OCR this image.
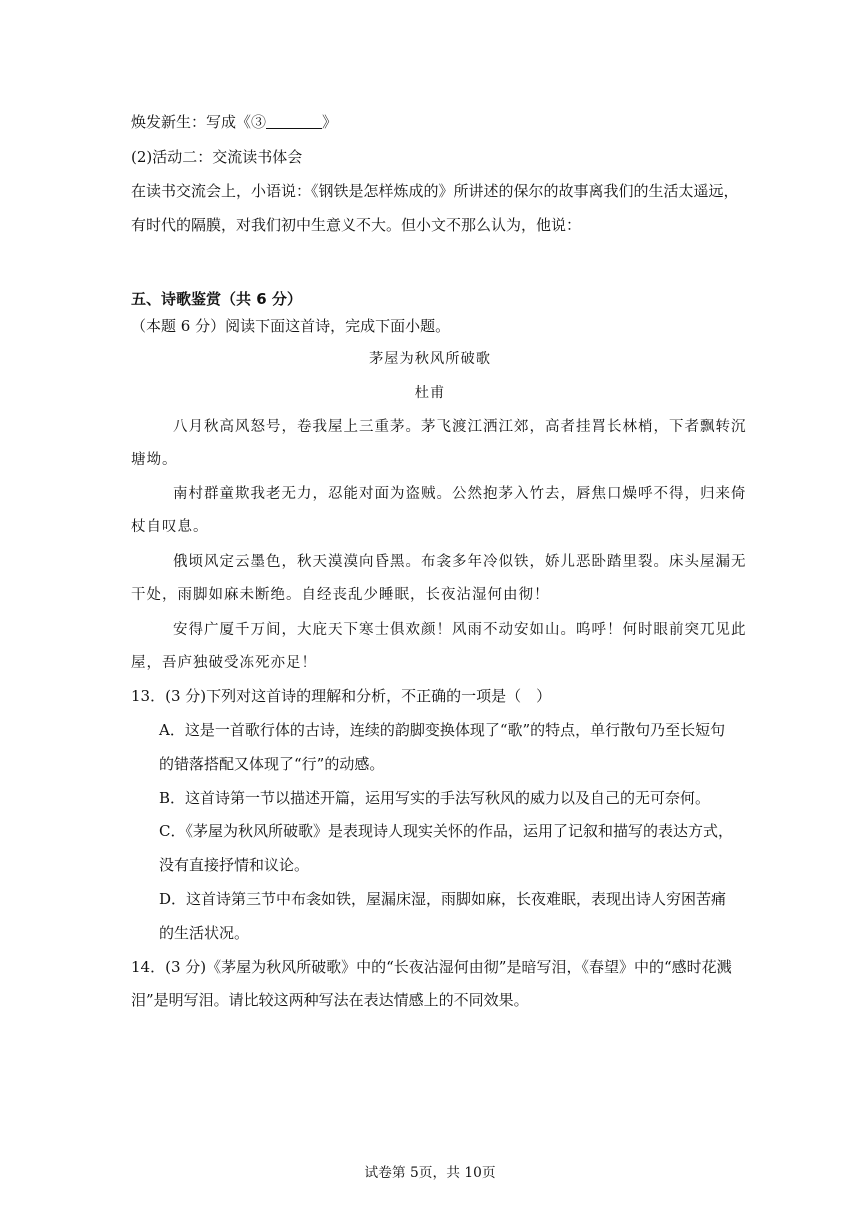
焕发新生：写成《③	》
(2)活动二：交流读书体会
在读书交流会上，小语说：《钢铁是怎样炼成的》所讲述的保尔的故事离我们的生活太遥远，
有时代的隔膜，对我们初中生意义不大。但小文不那么认为，他说：
五、诗歌鉴赏（共 6 分）
（本题 6 分）阅读下面这首诗，完成下面小题。
茅屋为秋风所破歌
杜甫
八月秋高风怒号，卷我屋上三重茅。茅飞渡江洒江郊，高者挂罥长林梢，下者飘转沉
塘坳。
南村群童欺我老无力，忍能对面为盗贼。公然抱茅入竹去，唇焦口燥呼不得，归来倚
杖自叹息。
俄顷风定云墨色，秋天漠漠向昏黑。布衾多年冷似铁，娇儿恶卧踏里裂。床头屋漏无
干处，雨脚如麻未断绝。自经丧乱少睡眠，长夜沾湿何由彻！
安得广厦千万间，大庇天下寒士俱欢颜！风雨不动安如山。呜呼！何时眼前突兀见此
屋，吾庐独破受冻死亦足！
13．(3 分)下列对这首诗的理解和分析，不正确的一项是（　）
A．这是一首歌行体的古诗，连续的韵脚变换体现了“歌”的特点，单行散句乃至长短句
的错落搭配又体现了“行”的动感。
B．这首诗第一节以描述开篇，运用写实的手法写秋风的威力以及自己的无可奈何。
C．《茅屋为秋风所破歌》是表现诗人现实关怀的作品，运用了记叙和描写的表达方式，
没有直接抒情和议论。
D．这首诗第三节中布衾如铁，屋漏床湿，雨脚如麻，长夜难眠，表现出诗人穷困苦痛
的生活状况。
14．(3 分)《茅屋为秋风所破歌》中的“长夜沾湿何由彻”是暗写泪，《春望》中的“感时花溅
泪”是明写泪。请比较这两种写法在表达情感上的不同效果。
试卷第 5页，共 10页
